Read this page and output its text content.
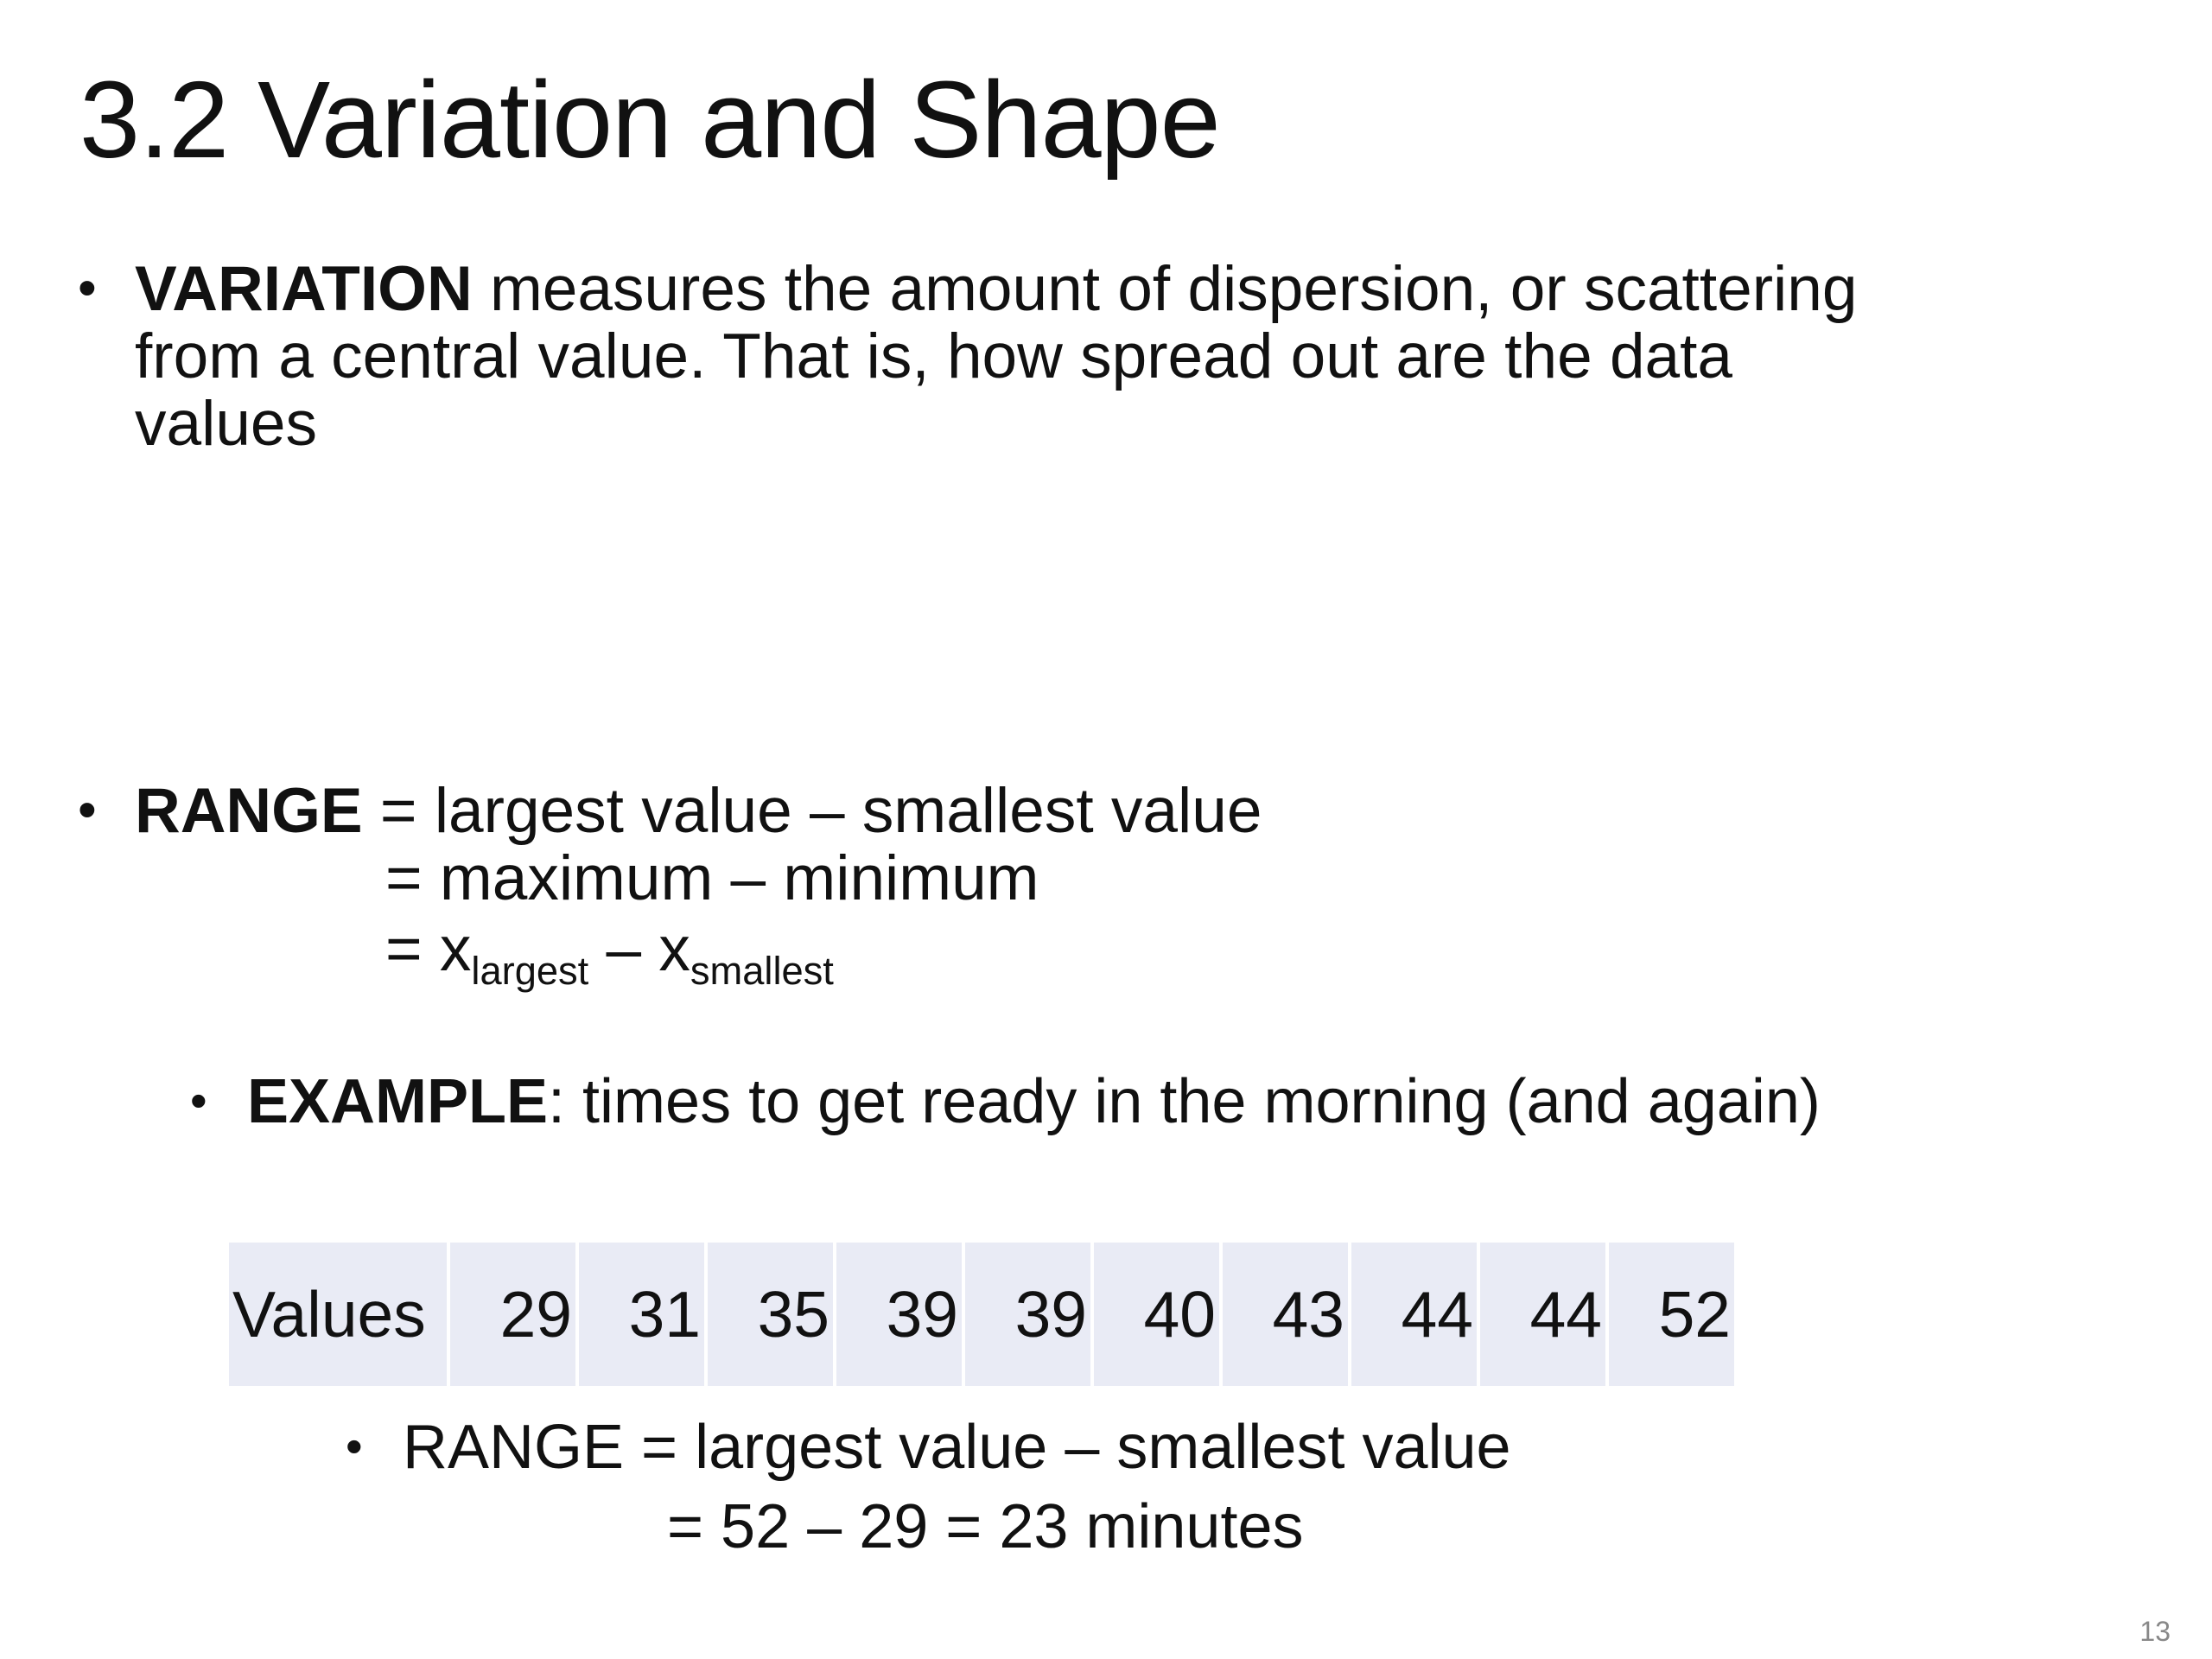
3.2 Variation and Shape
• VARIATION measures the amount of dispersion, or scattering
from a central value. That is, how spread out are the data
values
• RANGE = largest value – smallest value
= maximum – minimum
= $x_{largest} - x_{smallest}$
• EXAMPLE: times to get ready in the morning (and again)
Values	29 31 35 39 39 40 43 44 44 52
• RANGE = largest value – smallest value
= 52 – 29 = 23 minutes
13
